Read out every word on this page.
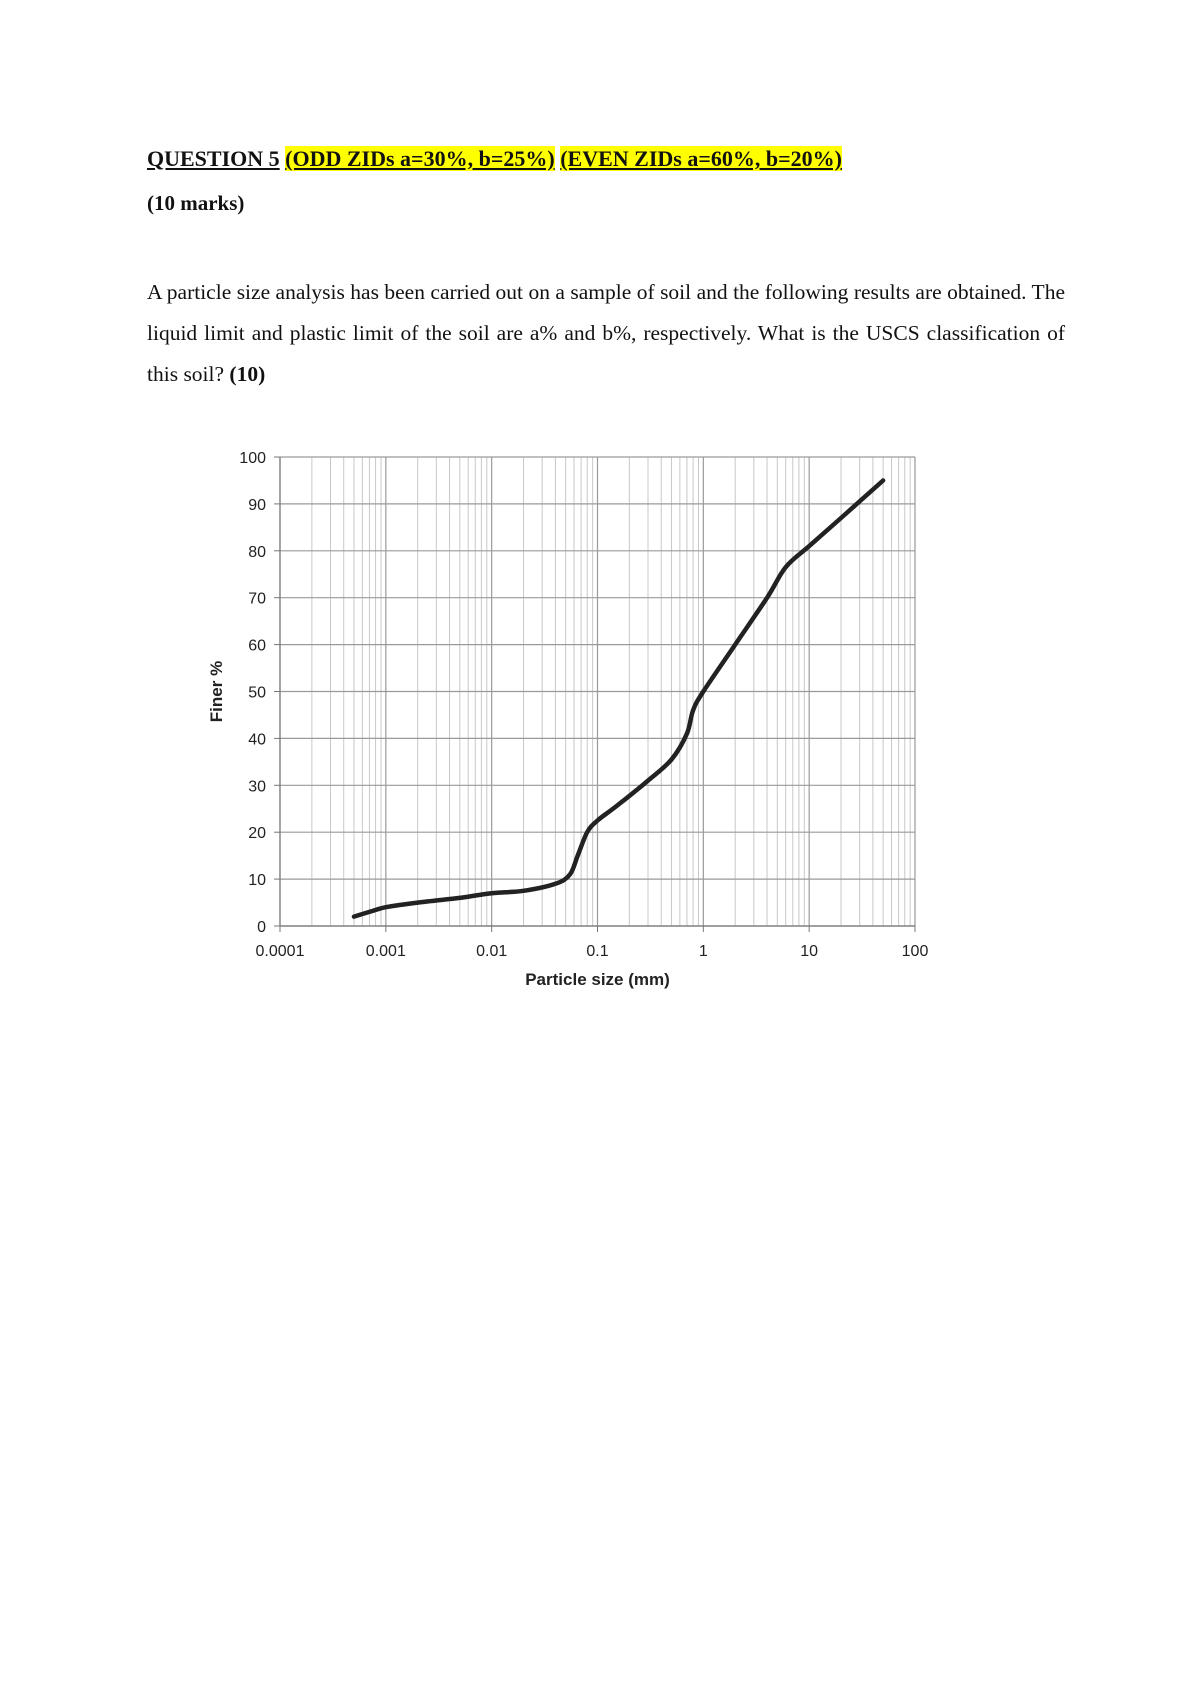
QUESTION 5 (ODD ZIDs a=30%, b=25%) (EVEN ZIDs a=60%, b=20%)
(10 marks)
A particle size analysis has been carried out on a sample of soil and the following results are obtained. The liquid limit and plastic limit of the soil are a% and b%, respectively. What is the USCS classification of this soil? (10)
0
10
20
30
40
50
60
70
80
90
100
0.0001	0.001	0.01	0.1	1	10	100
Particle size (mm)
Finer %
